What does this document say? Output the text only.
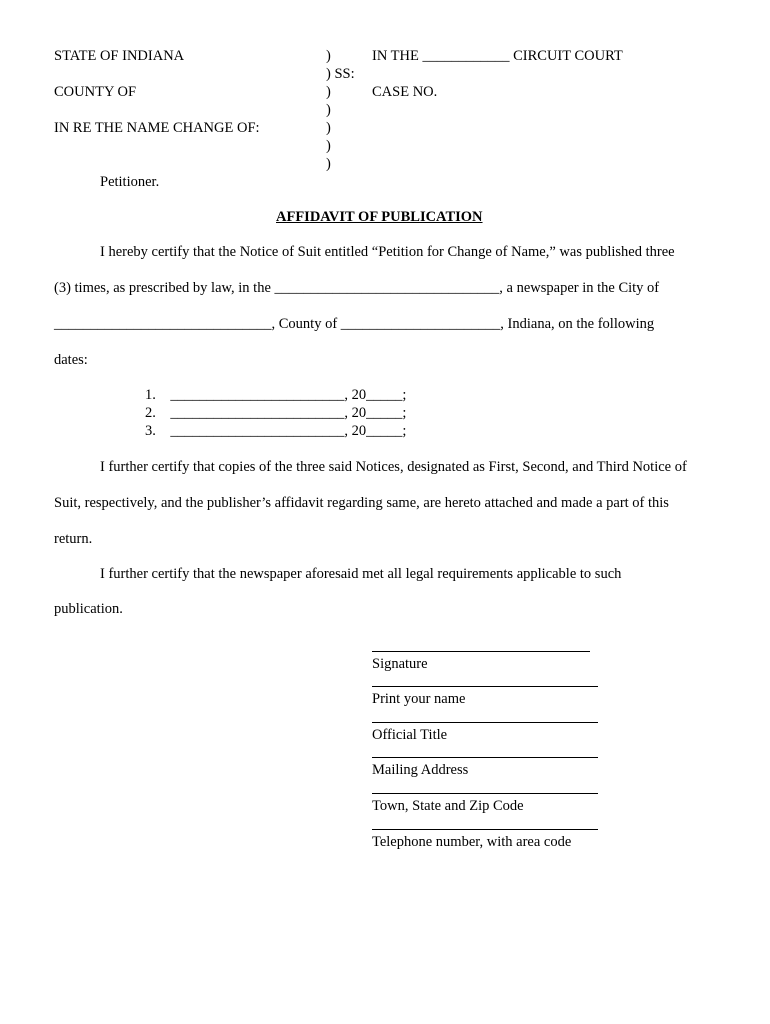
STATE OF INDIANA
COUNTY OF
IN RE THE NAME CHANGE OF:
Petitioner.
)
) SS:
)
)
)
)
)
IN THE ____________ CIRCUIT COURT
CASE NO.
AFFIDAVIT OF PUBLICATION
I hereby certify that the Notice of Suit entitled “Petition for Change of Name,” was published three
(3) times, as prescribed by law, in the _______________________________, a newspaper in the City of
______________________________, County of ______________________, Indiana, on the following
dates:
1. ________________________, 20_____;
2. ________________________, 20_____;
3. ________________________, 20_____;
I further certify that copies of the three said Notices, designated as First, Second, and Third Notice of
Suit, respectively, and the publisher’s affidavit regarding same, are hereto attached and made a part of this
return.
I further certify that the newspaper aforesaid met all legal requirements applicable to such
publication.
Signature
Print your name
Official Title
Mailing Address
Town, State and Zip Code
Telephone number, with area code
